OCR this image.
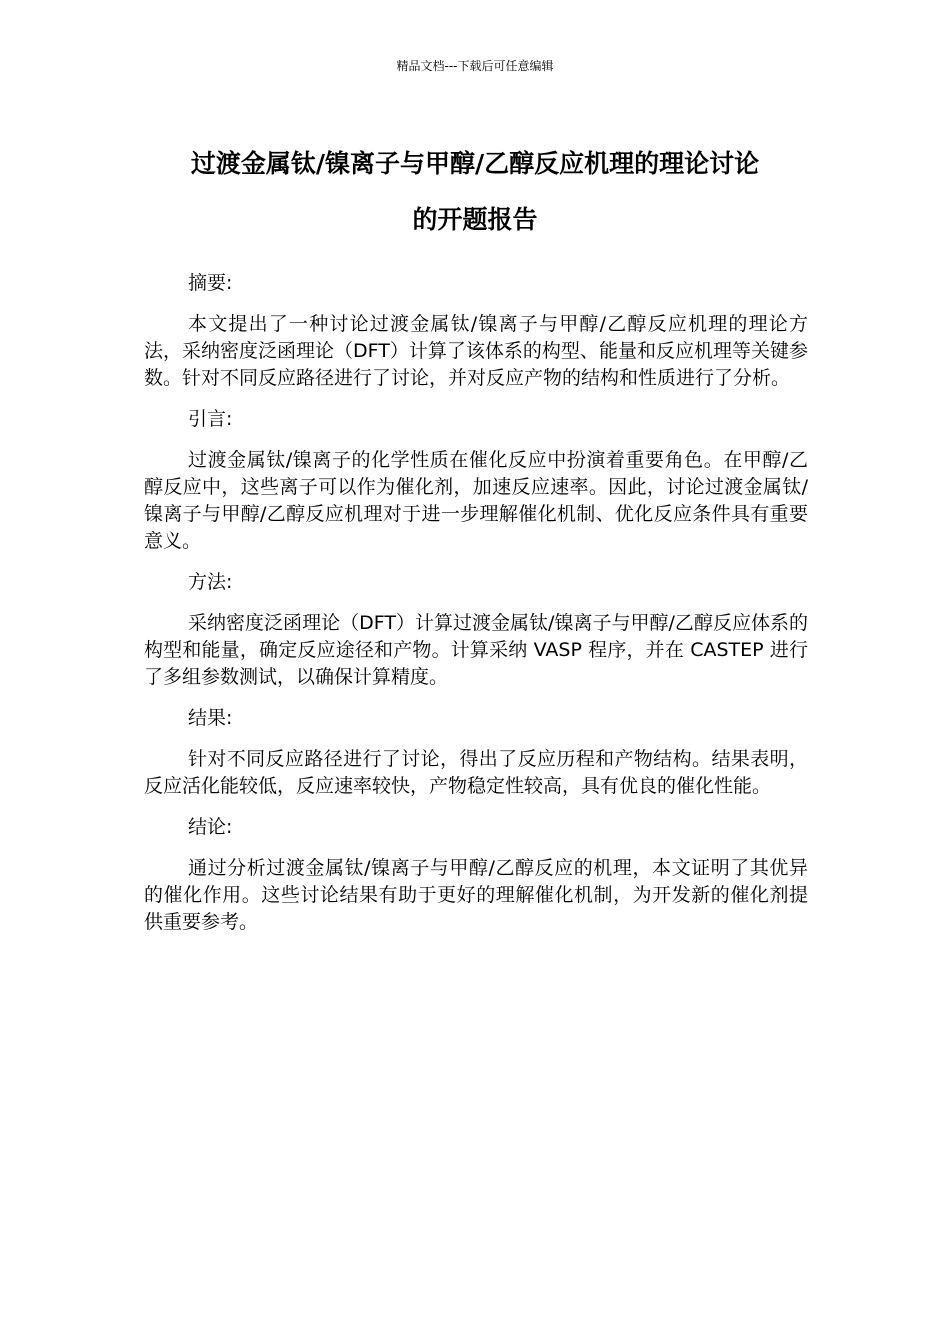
精品文档---下载后可任意编辑
过渡金属钛/镍离子与甲醇/乙醇反应机理的理论讨论
的开题报告

摘要:

本文提出了一种讨论过渡金属钛/镍离子与甲醇/乙醇反应机理的理论方法，采纳密度泛函理论（DFT）计算了该体系的构型、能量和反应机理等关键参数。针对不同反应路径进行了讨论，并对反应产物的结构和性质进行了分析。

引言:

过渡金属钛/镍离子的化学性质在催化反应中扮演着重要角色。在甲醇/乙醇反应中，这些离子可以作为催化剂，加速反应速率。因此，讨论过渡金属钛/镍离子与甲醇/乙醇反应机理对于进一步理解催化机制、优化反应条件具有重要意义。

方法:

采纳密度泛函理论（DFT）计算过渡金属钛/镍离子与甲醇/乙醇反应体系的构型和能量，确定反应途径和产物。计算采纳 VASP 程序，并在 CASTEP 进行了多组参数测试，以确保计算精度。

结果:

针对不同反应路径进行了讨论，得出了反应历程和产物结构。结果表明，反应活化能较低，反应速率较快，产物稳定性较高，具有优良的催化性能。

结论:

通过分析过渡金属钛/镍离子与甲醇/乙醇反应的机理，本文证明了其优异的催化作用。这些讨论结果有助于更好的理解催化机制，为开发新的催化剂提供重要参考。
